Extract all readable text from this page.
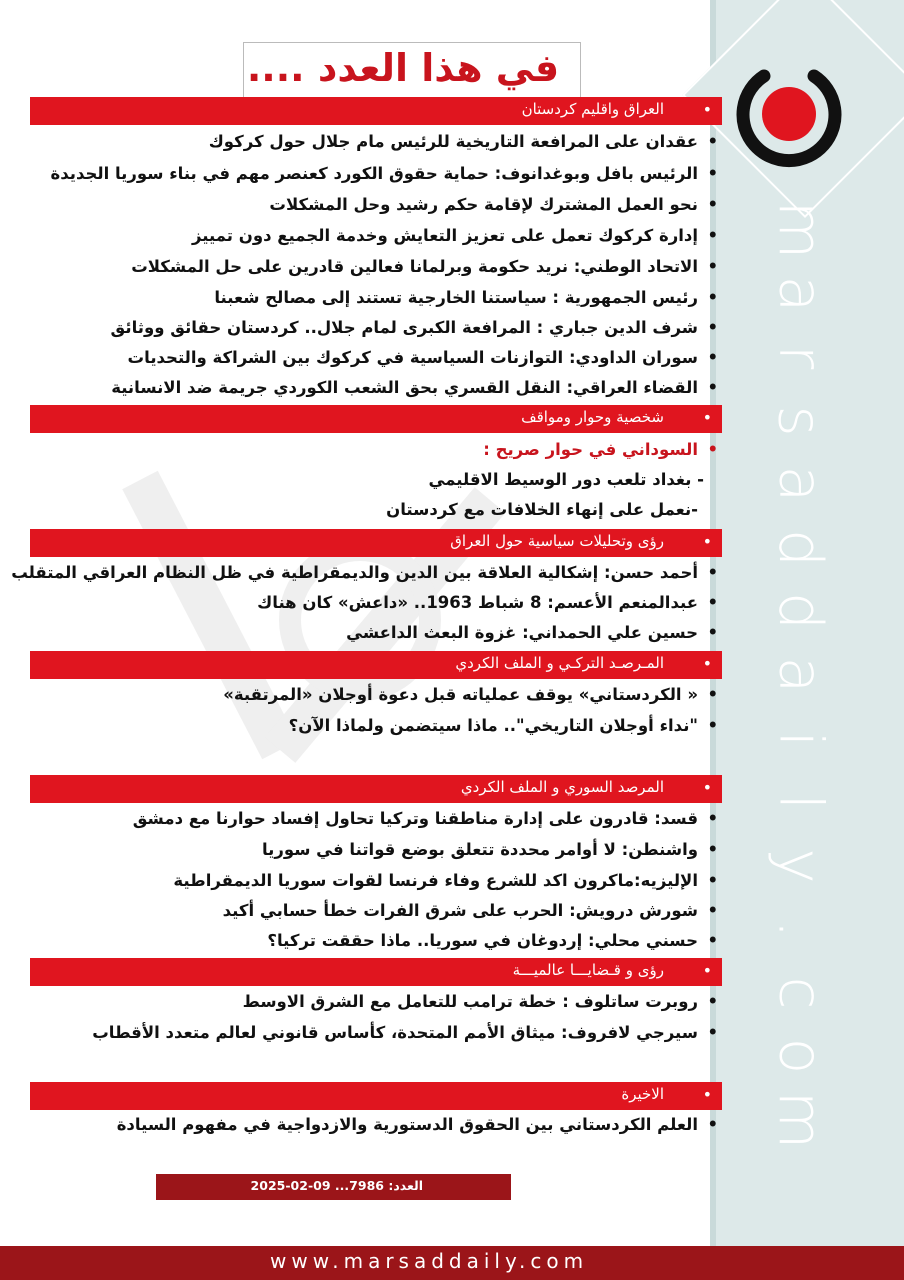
m
a
r
s
a
d
d
a
i
l
y
.
c
o
m
في هذا العدد ....
•
العراق واقليم كردستان
•عقدان على المرافعة التاريخية للرئيس مام جلال حول كركوك
•الرئيس بافل وبوغدانوف: حماية حقوق الكورد كعنصر مهم في بناء سوريا الجديدة
•نحو العمل المشترك لإقامة حكم رشيد وحل المشكلات
•إدارة كركوك تعمل على تعزيز التعايش وخدمة الجميع دون تمييز
•الاتحاد الوطني: نريد حكومة وبرلمانا فعالين قادرين على حل المشكلات
•رئيس الجمهورية : سياستنا الخارجية تستند إلى مصالح شعبنا
•شرف الدين جباري : المرافعة الكبرى لمام جلال.. كردستان حقائق ووثائق
•سوران الداودي: التوازنات السياسية في كركوك بين الشراكة والتحديات
•القضاء العراقي: النقل القسري بحق الشعب الكوردي جريمة ضد الانسانية
•
شخصية وحوار ومواقف
•السوداني في حوار صريح :
- بغداد تلعب دور الوسيط الاقليمي
-نعمل على إنهاء الخلافات مع كردستان
•
رؤى وتحليلات سياسية حول العراق
•أحمد حسن: إشكالية العلاقة بين الدين والديمقراطية في ظل النظام العراقي المتقلب
•عبدالمنعم الأعسم: 8 شباط 1963.. «داعش» كان هناك
•حسين علي الحمداني: غزوة البعث الداعشي
•
المـرصـد التركـي و الملف الكردي
•« الكردستاني» يوقف عملياته قبل دعوة أوجلان «المرتقبة»
•"نداء أوجلان التاريخي".. ماذا سيتضمن ولماذا الآن؟
•
المرصد السوري و الملف الكردي
•قسد: قادرون على إدارة مناطقنا وتركيا تحاول إفساد حوارنا مع دمشق
•واشنطن: لا أوامر محددة تتعلق بوضع قواتنا في سوريا
•الإليزيه:ماكرون اكد للشرع وفاء فرنسا لقوات سوريا الديمقراطية
•شورش درويش: الحرب على شرق الفرات خطأ حسابي أكيد
•حسني محلي: إردوغان في سوريا.. ماذا حققت تركيا؟
•
رؤى و قـضايـــا عالميـــة
•روبرت ساتلوف : خطة ترامب للتعامل مع الشرق الاوسط
•سيرجي لافروف: ميثاق الأمم المتحدة، كأساس قانوني لعالم متعدد الأقطاب
•
الاخيرة
•العلم الكردستاني بين الحقوق الدستورية والازدواجية في مفهوم السيادة
العدد: 7986... 09-02-2025
www.marsaddaily.com
